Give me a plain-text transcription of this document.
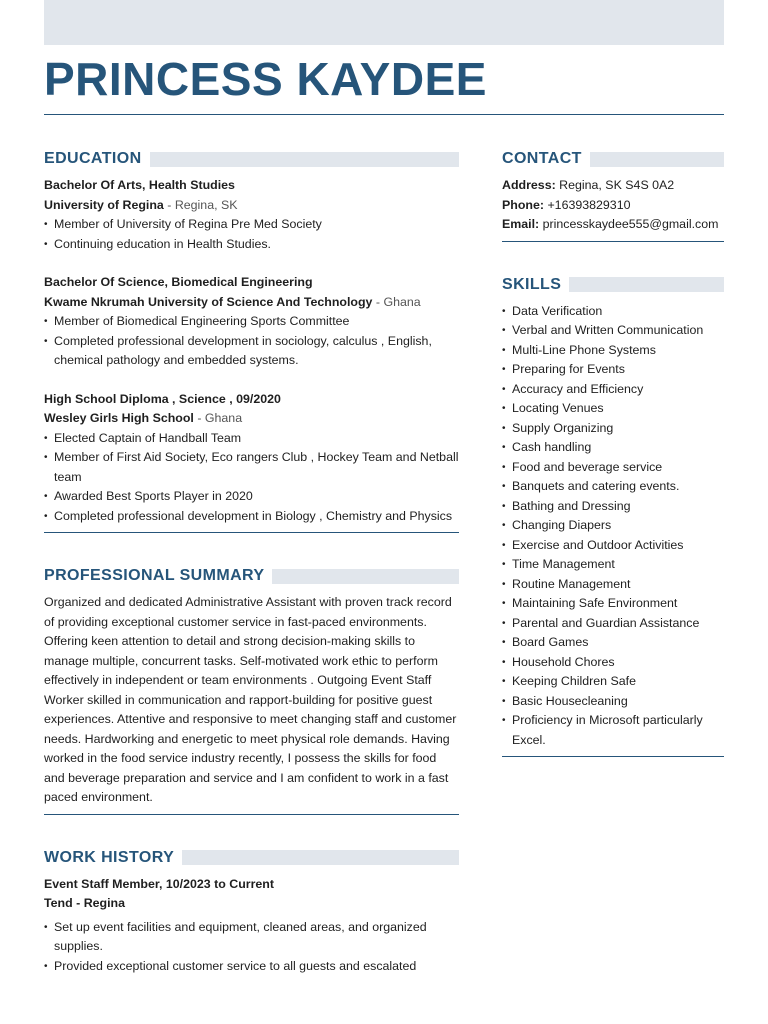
PRINCESS KAYDEE
EDUCATION
Bachelor Of Arts, Health Studies
University of Regina - Regina, SK
• Member of University of Regina Pre Med Society
• Continuing education in Health Studies.
Bachelor Of Science, Biomedical Engineering
Kwame Nkrumah University of Science And Technology - Ghana
• Member of Biomedical Engineering Sports Committee
• Completed professional development in sociology, calculus , English, chemical pathology and embedded systems.
High School Diploma , Science , 09/2020
Wesley Girls High School - Ghana
• Elected Captain of Handball Team
• Member of First Aid Society, Eco rangers Club , Hockey Team and Netball team
• Awarded Best Sports Player in 2020
• Completed professional development in Biology , Chemistry and Physics
PROFESSIONAL SUMMARY
Organized and dedicated Administrative Assistant with proven track record of providing exceptional customer service in fast-paced environments. Offering keen attention to detail and strong decision-making skills to manage multiple, concurrent tasks. Self-motivated work ethic to perform effectively in independent or team environments . Outgoing Event Staff Worker skilled in communication and rapport-building for positive guest experiences. Attentive and responsive to meet changing staff and customer needs. Hardworking and energetic to meet physical role demands. Having worked in the food service industry recently, I possess the skills for food and beverage preparation and service and I am confident to work in a fast paced environment.
WORK HISTORY
Event Staff Member, 10/2023 to Current
Tend - Regina
• Set up event facilities and equipment, cleaned areas, and organized supplies.
• Provided exceptional customer service to all guests and escalated
CONTACT
Address: Regina, SK S4S 0A2
Phone: +16393829310
Email: princesskaydee555@gmail.com
SKILLS
• Data Verification
• Verbal and Written Communication
• Multi-Line Phone Systems
• Preparing for Events
• Accuracy and Efficiency
• Locating Venues
• Supply Organizing
• Cash handling
• Food and beverage service
• Banquets and catering events.
• Bathing and Dressing
• Changing Diapers
• Exercise and Outdoor Activities
• Time Management
• Routine Management
• Maintaining Safe Environment
• Parental and Guardian Assistance
• Board Games
• Household Chores
• Keeping Children Safe
• Basic Housecleaning
• Proficiency in Microsoft particularly Excel.
